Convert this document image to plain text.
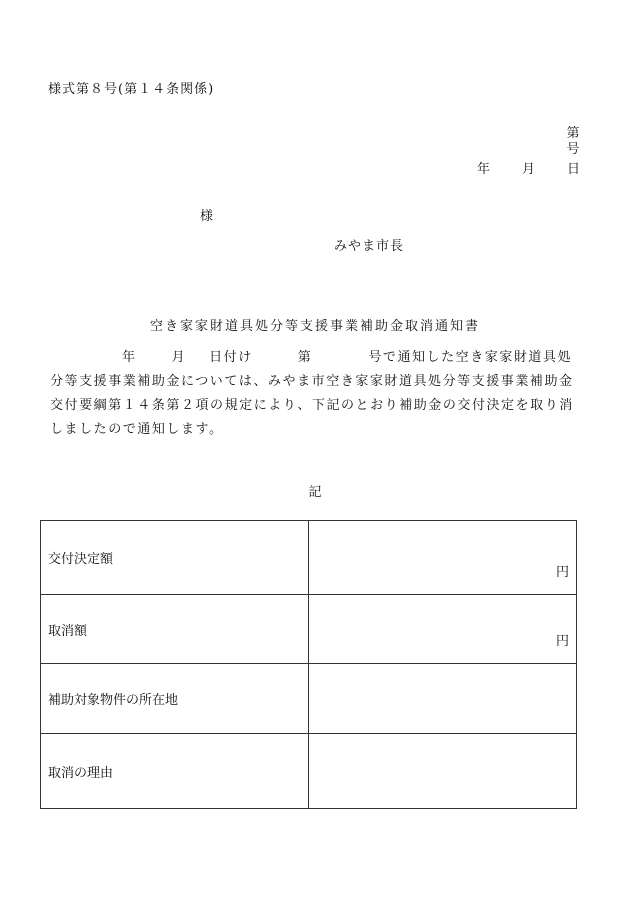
様式第８号(第１４条関係)
第
号
年 月 日
様
みやま市長
空き家家財道具処分等支援事業補助金取消通知書
年	月 日付け	第	号で通知した空き家家財道具処分等支援事業補助金については、みやま市空き家家財道具処分等支援事業補助金交付要綱第１４条第２項の規定により、下記のとおり補助金の交付決定を取り消しましたので通知します。
記
交付決定額	円
取消額	円
補助対象物件の所在地	
取消の理由	
